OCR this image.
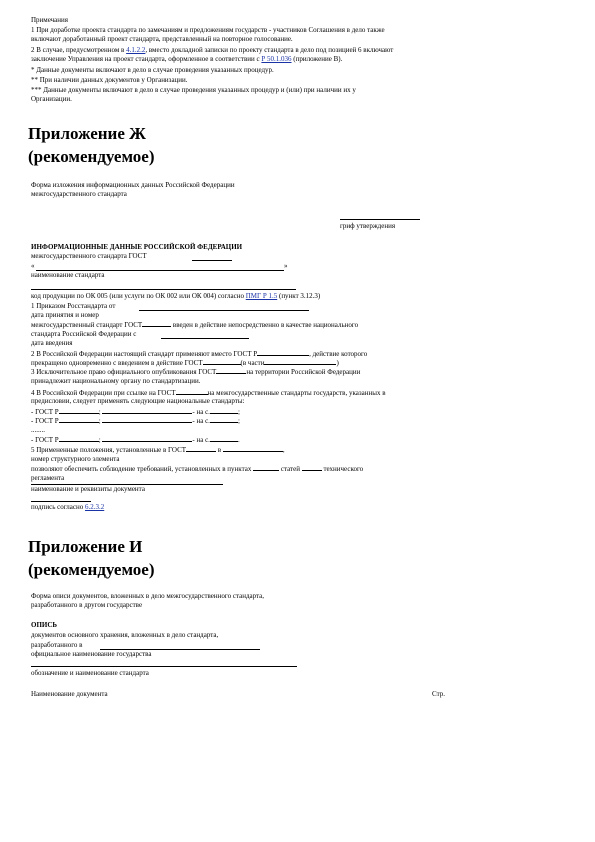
Примечания
1 При доработке проекта стандарта по замечаниям и предложениям государств - участников Соглашения в дело также
включают доработанный проект стандарта, представленный на повторное голосование.
2 В случае, предусмотренном в 4.1.2.2, вместо докладной записки по проекту стандарта в дело под позицией 6 включают
заключение Управления на проект стандарта, оформленное в соответствии с Р 50.1.036 (приложение В).
* Данные документы включают в дело в случае проведения указанных процедур.
** При наличии данных документов у Организации.
*** Данные документы включают в дело в случае проведения указанных процедур и (или) при наличии их у
Организации.
Приложение Ж
(рекомендуемое)
Форма изложения информационных данных Российской Федерации
межгосударственного стандарта
гриф утверждения
ИНФОРМАЦИОННЫЕ ДАННЫЕ РОССИЙСКОЙ ФЕДЕРАЦИИ
межгосударственного стандарта ГОСТ
«	»
наименование стандарта
код продукции по ОК 005 (или услуги по ОК 002 или ОК 004) согласно ПМГ Р 1.5 (пункт 3.12.3)
1 Приказом Росстандарта от
дата принятия и номер
межгосударственный стандарт ГОСТ	введен в действие непосредственно в качестве национального
стандарта Российской Федерации с
дата введения
2 В Российской Федерации настоящий стандарт применяют вместо ГОСТ Р	, действие которого
прекращено одновременно с введением в действие ГОСТ	(в части	)
3 Исключительное право официального опубликования ГОСТ	на территории Российской Федерации
принадлежит национальному органу по стандартизации.
4 В Российской Федерации при ссылке на ГОСТ	на межгосударственные стандарты государств, указанных в
предисловии, следует применять следующие национальные стандарты:
- ГОСТ Р	;	- на с.	;
- ГОСТ Р	;	- на с.	;
........
- ГОСТ Р	;	- на с.	.
5 Примененные положения, установленные в ГОСТ	в	,
номер структурного элемента
позволяют обеспечить соблюдение требований, установленных в пунктах	статей	технического
регламента
наименование и реквизиты документа
подпись согласно 6.2.3.2
Приложение И
(рекомендуемое)
Форма описи документов, вложенных в дело межгосударственного стандарта,
разработанного в другом государстве
ОПИСЬ
документов основного хранения, вложенных в дело стандарта,
разработанного в
официальное наименование государства
обозначение и наименование стандарта
Наименование документа	Стр.
